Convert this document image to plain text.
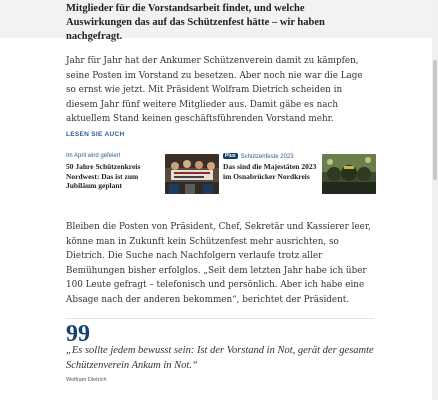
Mitglieder für die Vorstandsarbeit findet, und welche Auswirkungen das auf das Schützenfest hätte – wir haben nachgefragt.
Jahr für Jahr hat der Ankumer Schützenverein damit zu kämpfen, seine Posten im Vorstand zu besetzen. Aber noch nie war die Lage so ernst wie jetzt. Mit Präsident Wolfram Dietrich scheiden in diesem Jahr fünf weitere Mitglieder aus. Damit gäbe es nach aktuellem Stand keinen geschäftsführenden Vorstand mehr.
LESEN SIE AUCH
Im April wird gefeiert
50 Jahre Schützenkreis Nordwest: Das ist zum Jubiläum geplant
Plus Schützenfeste 2023
Das sind die Majestäten 2023 im Osnabrücker Nordkreis
Bleiben die Posten von Präsident, Chef, Sekretär und Kassierer leer, könne man in Zukunft kein Schützenfest mehr ausrichten, so Dietrich. Die Suche nach Nachfolgern verlaufe trotz aller Bemühungen bisher erfolglos. „Seit dem letzten Jahr habe ich über 100 Leute gefragt – telefonisch und persönlich. Aber ich habe eine Absage nach der anderen bekommen“, berichtet der Präsident.
99
„Es sollte jedem bewusst sein: Ist der Vorstand in Not, gerät der gesamte Schützenverein Ankum in Not.“
Wolfram Dietrich
